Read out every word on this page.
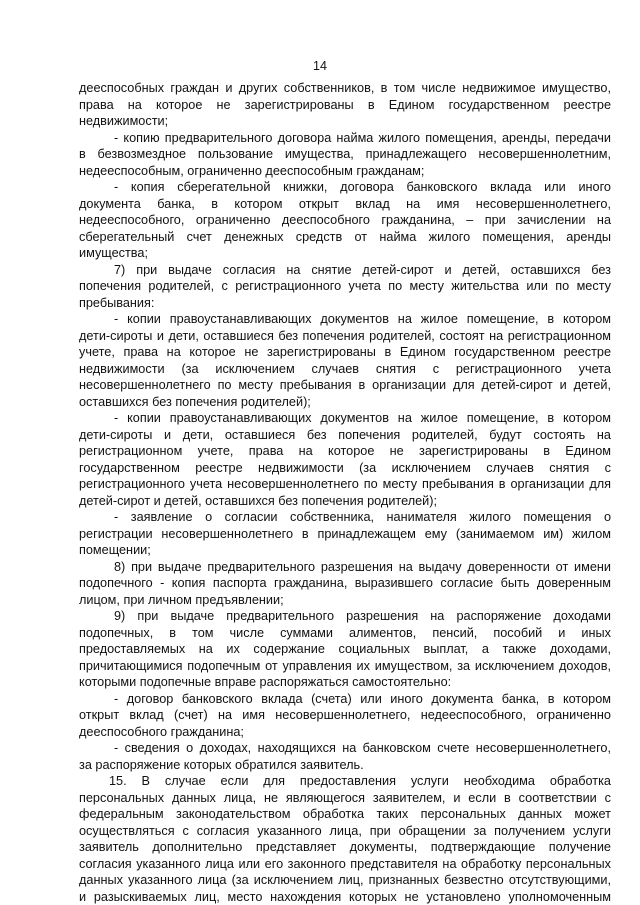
14
дееспособных граждан и других собственников, в том числе недвижимое имущество,
права на которое не зарегистрированы в Едином государственном реестре
недвижимости;
- копию предварительного договора найма жилого помещения, аренды, передачи
в безвозмездное пользование имущества, принадлежащего несовершеннолетним,
недееспособным, ограниченно дееспособным гражданам;
- копия сберегательной книжки, договора банковского вклада или иного
документа банка, в котором открыт вклад на имя несовершеннолетнего,
недееспособного, ограниченно дееспособного гражданина, – при зачислении на
сберегательный счет денежных средств от найма жилого помещения, аренды
имущества;
7) при выдаче согласия на снятие детей-сирот и детей, оставшихся без
попечения родителей, с регистрационного учета по месту жительства или по месту
пребывания:
- копии правоустанавливающих документов на жилое помещение, в котором
дети-сироты и дети, оставшиеся без попечения родителей, состоят на регистрационном
учете, права на которое не зарегистрированы в Едином государственном реестре
недвижимости (за исключением случаев снятия с регистрационного учета
несовершеннолетнего по месту пребывания в организации для детей-сирот и детей,
оставшихся без попечения родителей);
- копии правоустанавливающих документов на жилое помещение, в котором
дети-сироты и дети, оставшиеся без попечения родителей, будут состоять на
регистрационном учете, права на которое не зарегистрированы в Едином
государственном реестре недвижимости (за исключением случаев снятия с
регистрационного учета несовершеннолетнего по месту пребывания в организации для
детей-сирот и детей, оставшихся без попечения родителей);
- заявление о согласии собственника, нанимателя жилого помещения о
регистрации несовершеннолетнего в принадлежащем ему (занимаемом им) жилом
помещении;
8) при выдаче предварительного разрешения на выдачу доверенности от имени
подопечного - копия паспорта гражданина, выразившего согласие быть доверенным
лицом, при личном предъявлении;
9) при выдаче предварительного разрешения на распоряжение доходами
подопечных, в том числе суммами алиментов, пенсий, пособий и иных
предоставляемых на их содержание социальных выплат, а также доходами,
причитающимися подопечным от управления их имуществом, за исключением доходов,
которыми подопечные вправе распоряжаться самостоятельно:
- договор банковского вклада (счета) или иного документа банка, в котором
открыт вклад (счет) на имя несовершеннолетнего, недееспособного, ограниченно
дееспособного гражданина;
- сведения о доходах, находящихся на банковском счете несовершеннолетнего,
за распоряжение которых обратился заявитель.
15. В случае если для предоставления услуги необходима обработка
персональных данных лица, не являющегося заявителем, и если в соответствии с
федеральным законодательством обработка таких персональных данных может
осуществляться с согласия указанного лица, при обращении за получением услуги
заявитель дополнительно представляет документы, подтверждающие получение
согласия указанного лица или его законного представителя на обработку персональных
данных указанного лица (за исключением лиц, признанных безвестно отсутствующими,
и разыскиваемых лиц, место нахождения которых не установлено уполномоченным
